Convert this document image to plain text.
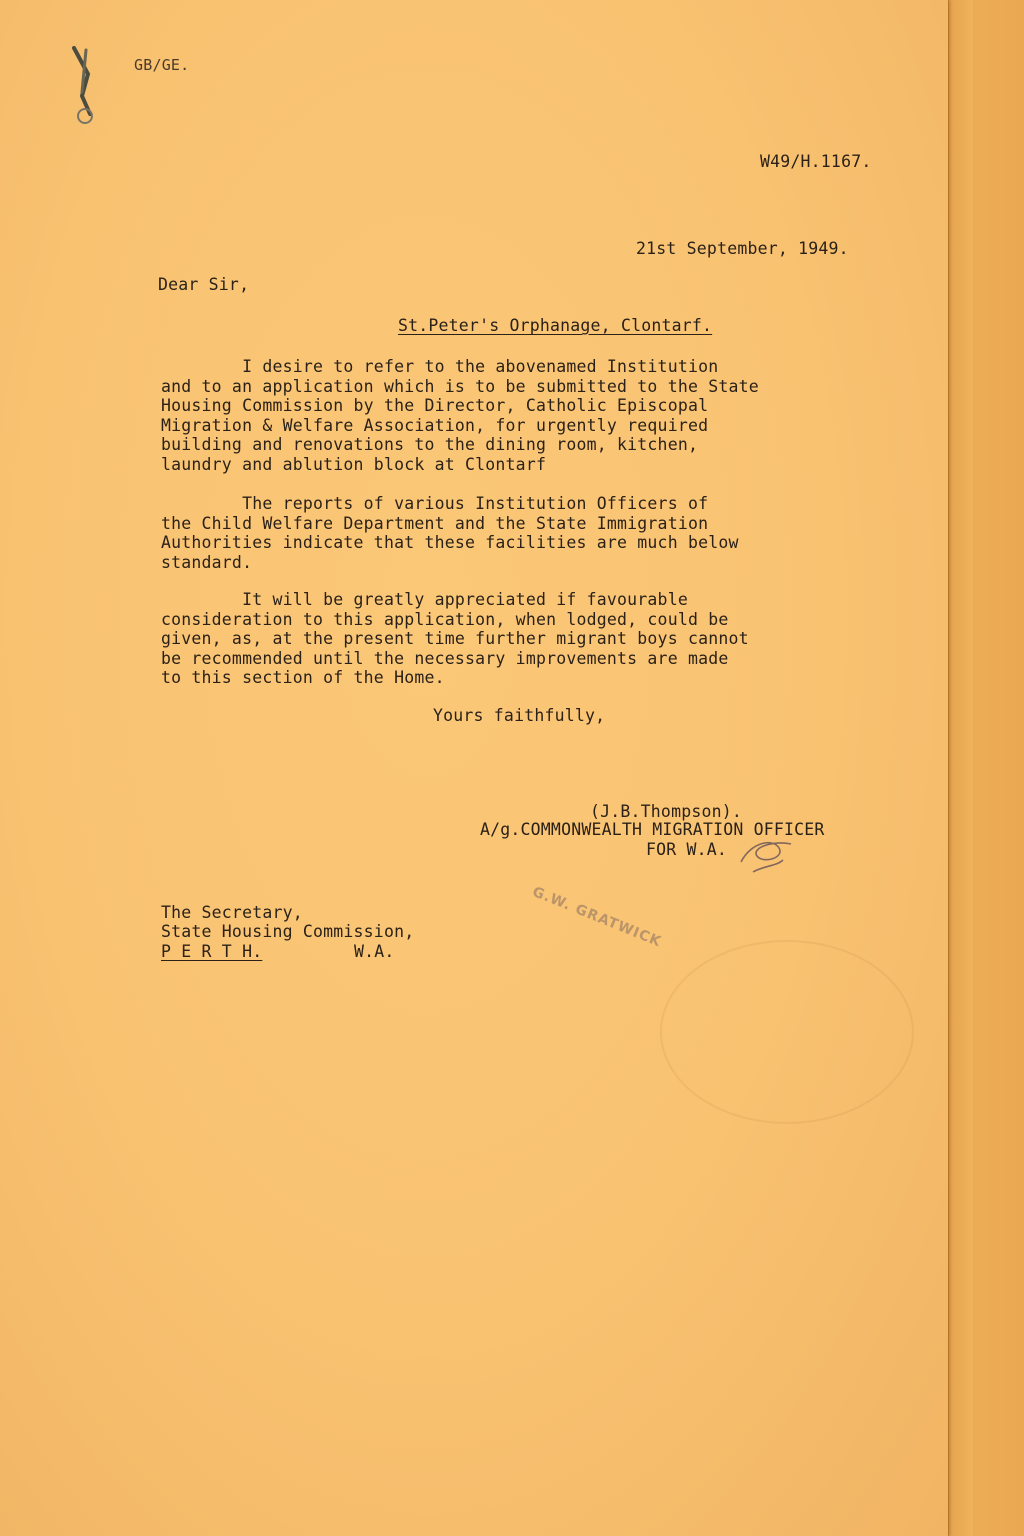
GB/GE.
W49/H.1167.
21st September, 1949.
Dear Sir,
St.Peter's Orphanage, Clontarf.
I desire to refer to the abovenamed Institution
and to an application which is to be submitted to the State
Housing Commission by the Director, Catholic Episcopal
Migration & Welfare Association, for urgently required
building and renovations to the dining room, kitchen,
laundry and ablution block at Clontarf
The reports of various Institution Officers of
the Child Welfare Department and the State Immigration
Authorities indicate that these facilities are much below
standard.
It will be greatly appreciated if favourable
consideration to this application, when lodged, could be
given, as, at the present time further migrant boys cannot
be recommended until the necessary improvements are made
to this section of the Home.
Yours faithfully,
(J.B.Thompson).
A/g.COMMONWEALTH MIGRATION OFFICER
FOR W.A.
G.W. GRATWICK
The Secretary,
State Housing Commission,
P E R T H.	W.A.
